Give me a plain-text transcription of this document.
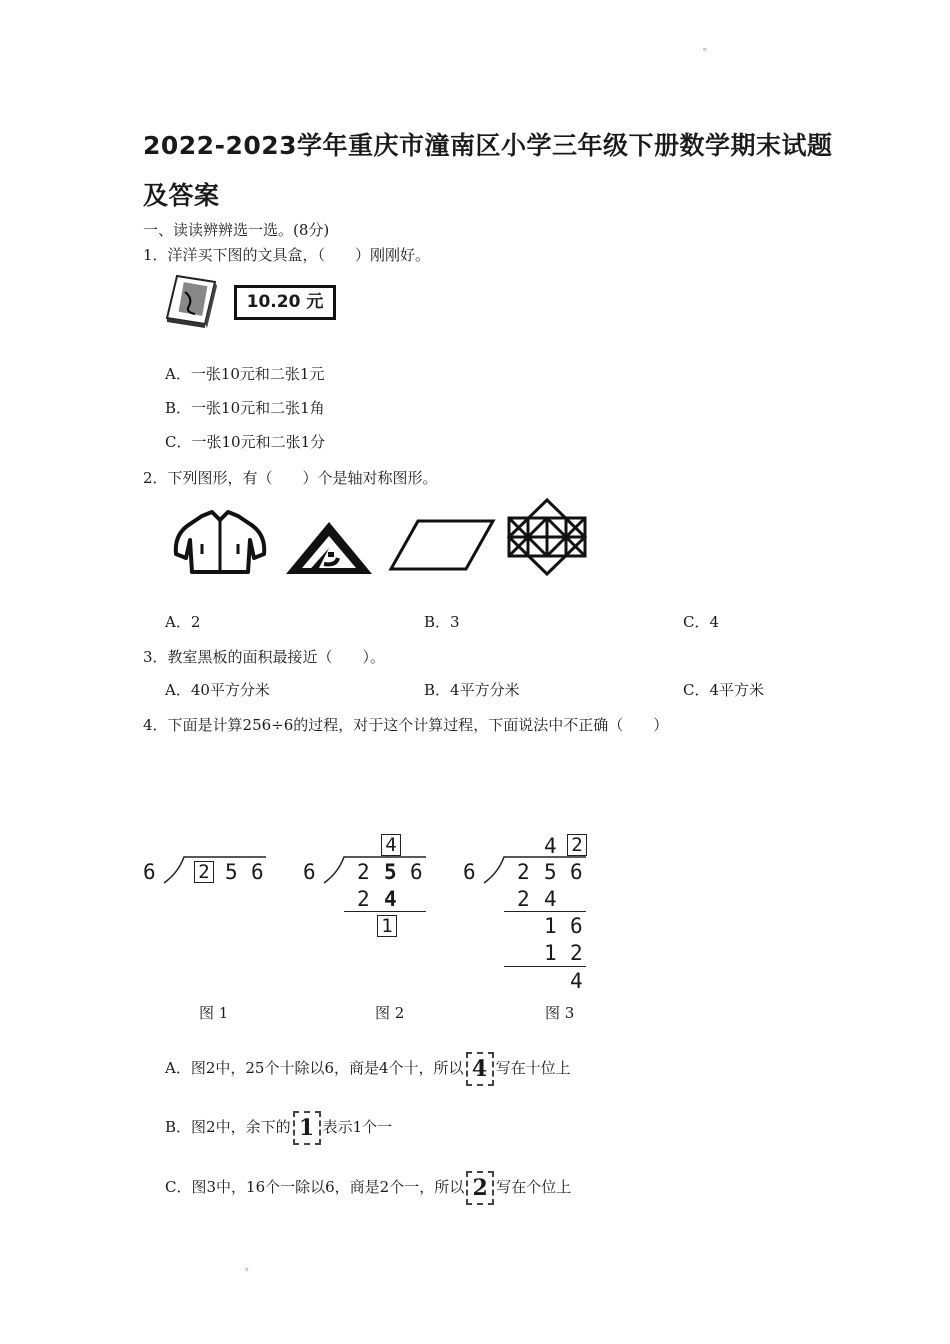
。
2022-2023学年重庆市潼南区小学三年级下册数学期末试题
及答案
一、读读辨辨选一选。(8分)
1．洋洋买下图的文具盒，（　　）刚刚好。
10.20 元
A．一张10元和二张1元
B．一张10元和二张1角
C．一张10元和二张1分
2．下列图形，有（　　）个是轴对称图形。
A．2	B．3	C．4
3．教室黑板的面积最接近（　　）。
A．40平方分米	B．4平方分米	C．4平方米
4．下面是计算256÷6的过程，对于这个计算过程，下面说法中不正确（　　）
6 2 5 6
图 1
4
6 2 5 6
2 4
1
图 2
4 2
6 2 5 6
2 4
1 6
1 2
4
图 3
A．图2中，25个十除以6，商是4个十，所以 4 写在十位上
B．图2中，余下的 1 表示1个一
C．图3中，16个一除以6，商是2个一，所以 2 写在个位上
。
